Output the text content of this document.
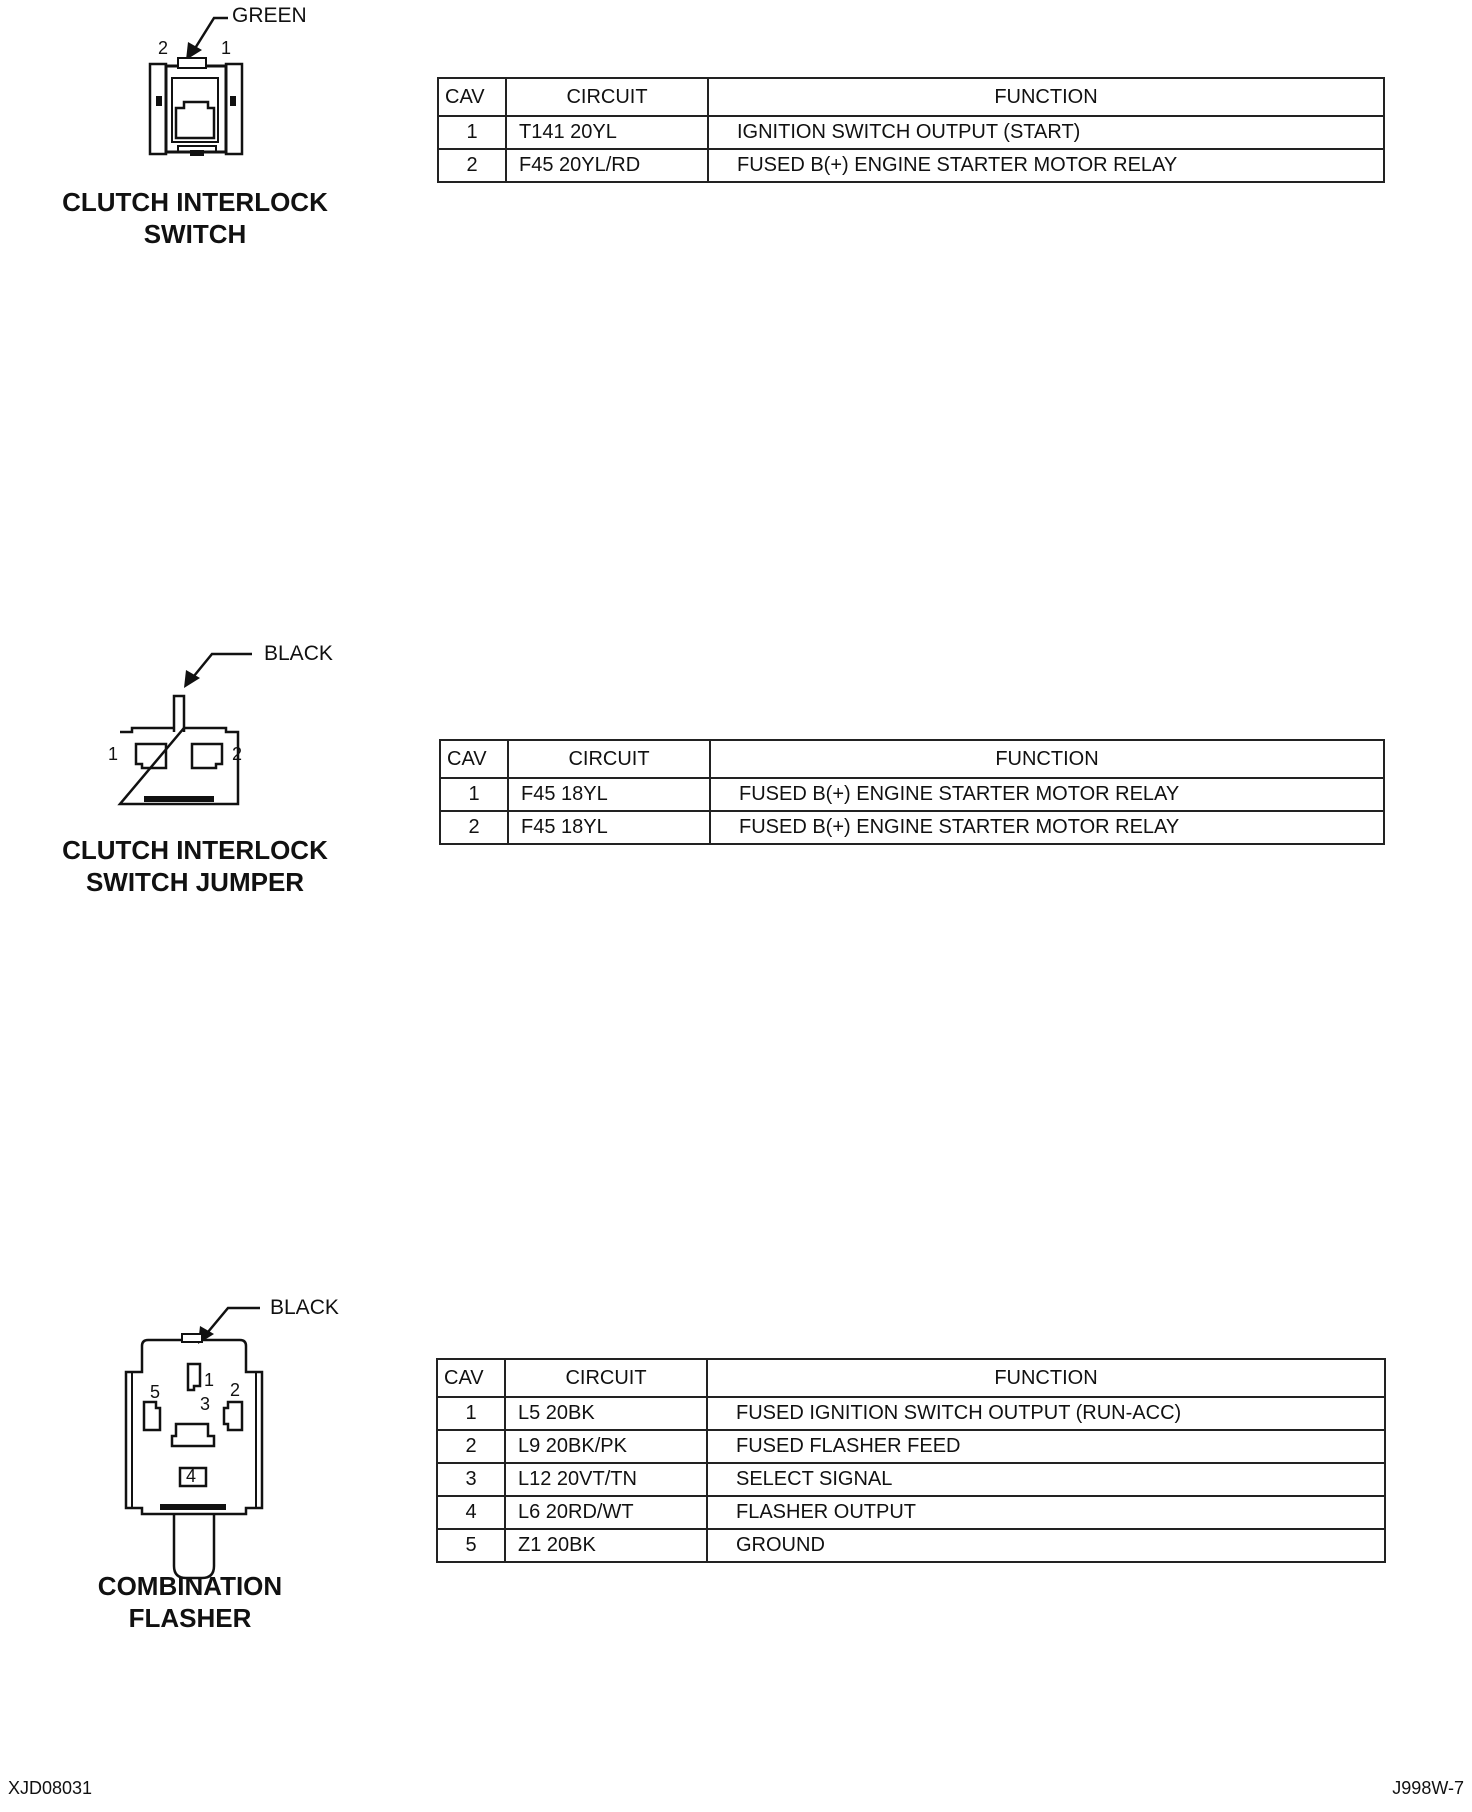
GREEN
2	1
CLUTCH INTERLOCK
SWITCH
CAV	CIRCUIT	FUNCTION
1	T141 20YL	IGNITION SWITCH OUTPUT (START)
2	F45 20YL/RD	FUSED B(+) ENGINE STARTER MOTOR RELAY
BLACK
1	2
CLUTCH INTERLOCK
SWITCH JUMPER
CAV	CIRCUIT	FUNCTION
1	F45 18YL	FUSED B(+) ENGINE STARTER MOTOR RELAY
2	F45 18YL	FUSED B(+) ENGINE STARTER MOTOR RELAY
BLACK
5
1 2
3
4
COMBINATION
FLASHER
CAV	CIRCUIT	FUNCTION
1	L5 20BK	FUSED IGNITION SWITCH OUTPUT (RUN-ACC)
2	L9 20BK/PK	FUSED FLASHER FEED
3	L12 20VT/TN	SELECT SIGNAL
4	L6 20RD/WT	FLASHER OUTPUT
5	Z1 20BK	GROUND
XJD08031	J998W-7
